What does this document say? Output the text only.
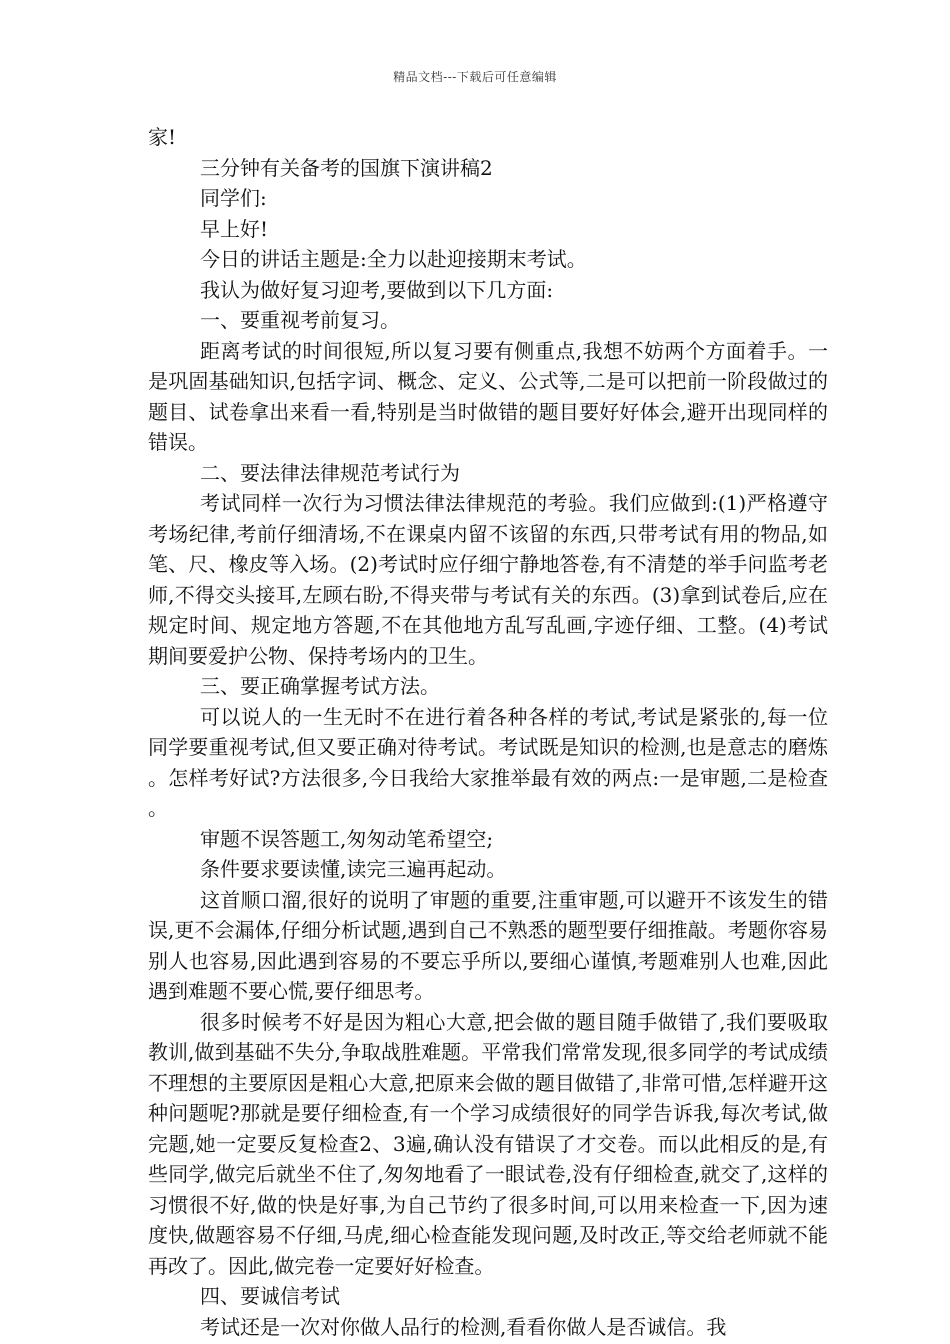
精品文档---下载后可任意编辑

家!

三分钟有关备考的国旗下演讲稿2

同学们:

早上好!

今日的讲话主题是:全力以赴迎接期末考试。

我认为做好复习迎考,要做到以下几方面:

一、要重视考前复习。

距离考试的时间很短,所以复习要有侧重点,我想不妨两个方面着手。一是巩固基础知识,包括字词、概念、定义、公式等,二是可以把前一阶段做过的题目、试卷拿出来看一看,特别是当时做错的题目要好好体会,避开出现同样的错误。

二、要法律法律规范考试行为

考试同样一次行为习惯法律法律规范的考验。我们应做到:(1)严格遵守考场纪律,考前仔细清场,不在课桌内留不该留的东西,只带考试有用的物品,如笔、尺、橡皮等入场。(2)考试时应仔细宁静地答卷,有不清楚的举手问监考老师,不得交头接耳,左顾右盼,不得夹带与考试有关的东西。(3)拿到试卷后,应在规定时间、规定地方答题,不在其他地方乱写乱画,字迹仔细、工整。(4)考试期间要爱护公物、保持考场内的卫生。

三、要正确掌握考试方法。

可以说人的一生无时不在进行着各种各样的考试,考试是紧张的,每一位同学要重视考试,但又要正确对待考试。考试既是知识的检测,也是意志的磨炼。怎样考好试?方法很多,今日我给大家推举最有效的两点:一是审题,二是检查。

审题不误答题工,匆匆动笔希望空;

条件要求要读懂,读完三遍再起动。

这首顺口溜,很好的说明了审题的重要,注重审题,可以避开不该发生的错误,更不会漏体,仔细分析试题,遇到自己不熟悉的题型要仔细推敲。考题你容易别人也容易,因此遇到容易的不要忘乎所以,要细心谨慎,考题难别人也难,因此遇到难题不要心慌,要仔细思考。

很多时候考不好是因为粗心大意,把会做的题目随手做错了,我们要吸取教训,做到基础不失分,争取战胜难题。平常我们常常发现,很多同学的考试成绩不理想的主要原因是粗心大意,把原来会做的题目做错了,非常可惜,怎样避开这种问题呢?那就是要仔细检查,有一个学习成绩很好的同学告诉我,每次考试,做完题,她一定要反复检查2、3遍,确认没有错误了才交卷。而以此相反的是,有些同学,做完后就坐不住了,匆匆地看了一眼试卷,没有仔细检查,就交了,这样的习惯很不好,做的快是好事,为自己节约了很多时间,可以用来检查一下,因为速度快,做题容易不仔细,马虎,细心检查能发现问题,及时改正,等交给老师就不能再改了。因此,做完卷一定要好好检查。

四、要诚信考试

考试还是一次对你做人品行的检测,看看你做人是否诚信。我
